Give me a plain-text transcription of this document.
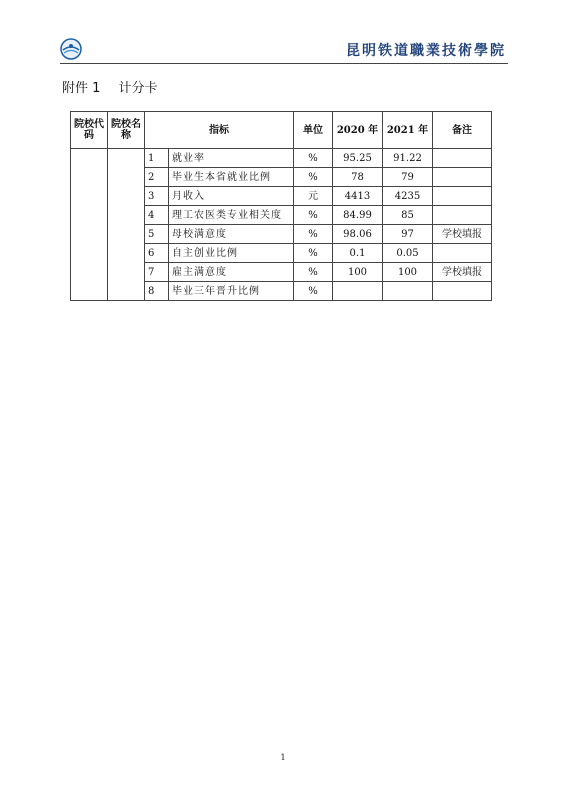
昆明铁道職業技術學院
附件 1 计分卡
院校代码	院校名称	指标		单位	2020 年	2021 年	备注
		1	就业率	%	95.25	91.22	
		2	毕业生本省就业比例	%	78	79	
		3	月收入	元	4413	4235	
		4	理工农医类专业相关度	%	84.99	85	
		5	母校满意度	%	98.06	97	学校填报
		6	自主创业比例	%	0.1	0.05	
		7	雇主满意度	%	100	100	学校填报
		8	毕业三年晋升比例	%			
1
